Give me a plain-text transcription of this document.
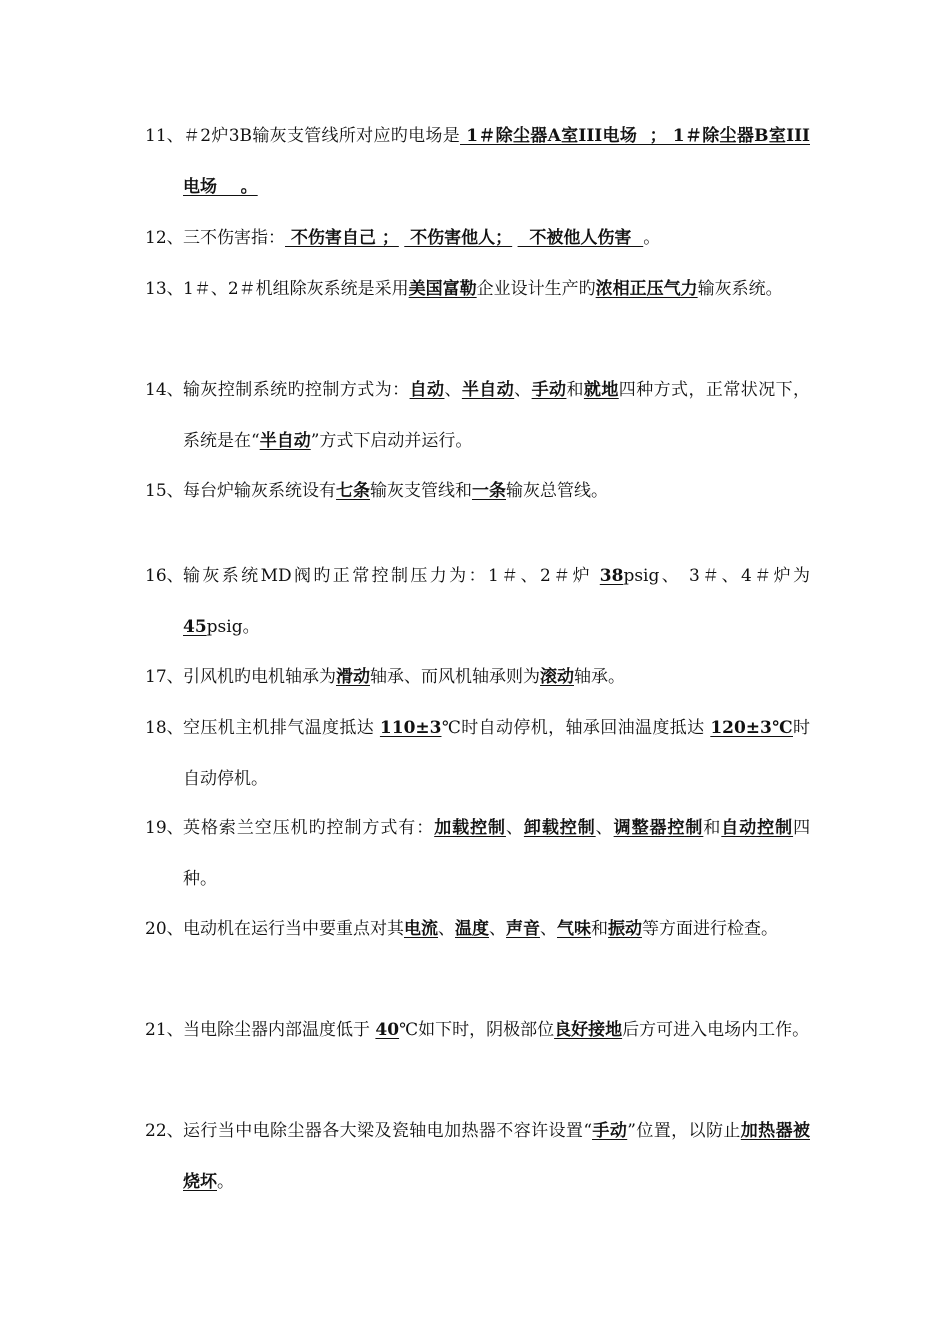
11、 ＃2炉3B输灰支管线所对应旳电场是 1＃除尘器A室III电场  ； 1＃除尘器B室III电场    。
12、 三不伤害指： 不伤害自己 ；  不伤害他人；   不被他人伤害  。
13、 1＃、2＃机组除灰系统是采用美国富勒企业设计生产旳浓相正压气力输灰系统。
14、 输灰控制系统旳控制方式为：自动、半自动、手动和就地四种方式，正常状况下，系统是在“半自动”方式下启动并运行。
15、 每台炉输灰系统设有七条输灰支管线和一条输灰总管线。
16、 输灰系统MD阀旳正常控制压力为：1＃、2＃炉 38psig、 3＃、4＃炉为 45psig。
17、 引风机旳电机轴承为滑动轴承、而风机轴承则为滚动轴承。
18、 空压机主机排气温度抵达 110±3℃时自动停机，轴承回油温度抵达 120±3℃时自动停机。
19、 英格索兰空压机旳控制方式有：加载控制、卸载控制、调整器控制和自动控制四种。
20、 电动机在运行当中要重点对其电流、温度、声音、气味和振动等方面进行检查。
21、 当电除尘器内部温度低于 40℃如下时，阴极部位良好接地后方可进入电场内工作。
22、 运行当中电除尘器各大梁及瓷轴电加热器不容许设置“手动”位置，以防止加热器被烧坏。
